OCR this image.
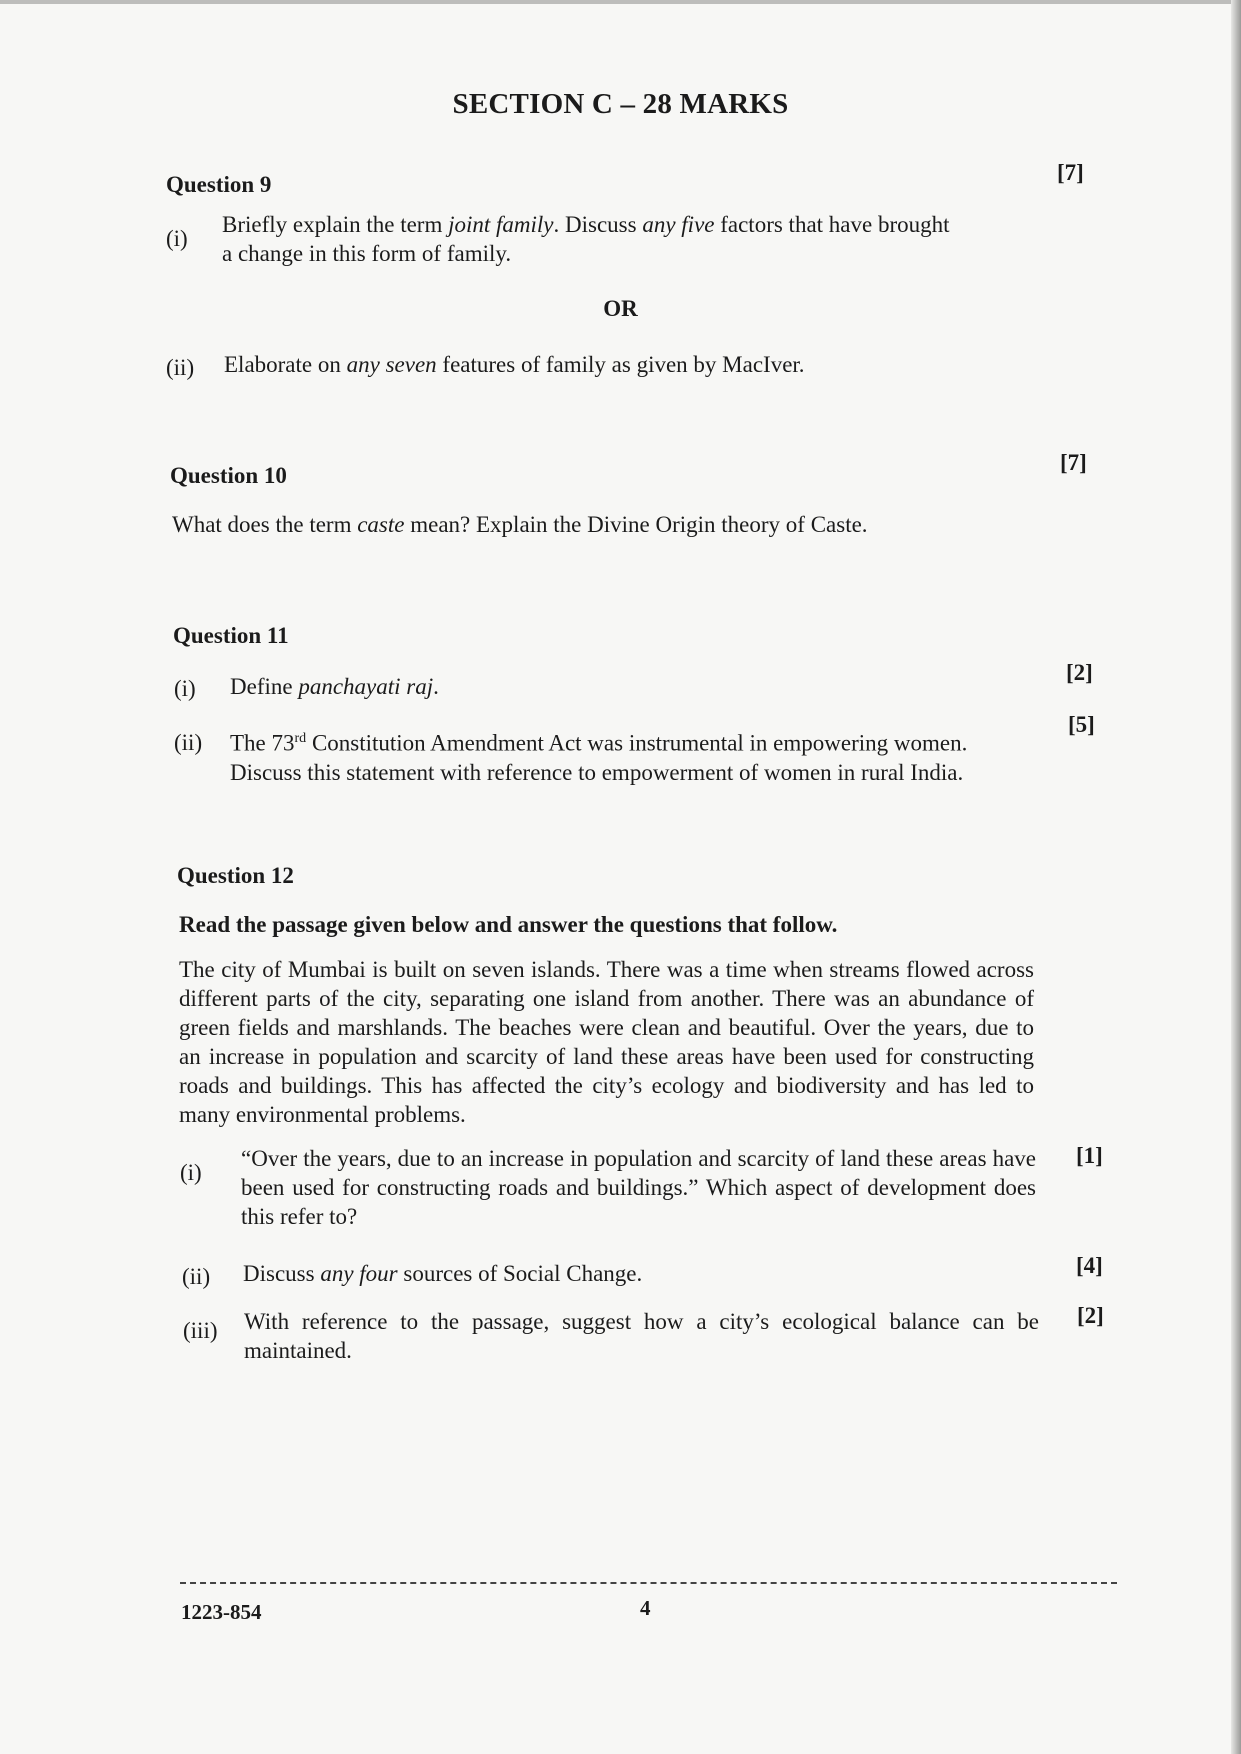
SECTION C – 28 MARKS
Question 9	[7]
(i)
Briefly explain the term joint family. Discuss any five factors that have brought
a change in this form of family.
OR
(ii) Elaborate on any seven features of family as given by MacIver.
Question 10
[7]
What does the term caste mean? Explain the Divine Origin theory of Caste.
Question 11
(i) Define panchayati raj.
[2]
(ii) The 73rd Constitution Amendment Act was instrumental in empowering women.
Discuss this statement with reference to empowerment of women in rural India.
[5]
Question 12
Read the passage given below and answer the questions that follow.
The city of Mumbai is built on seven islands. There was a time when streams flowed across different parts of the city, separating one island from another. There was an abundance of green fields and marshlands. The beaches were clean and beautiful. Over the years, due to an increase in population and scarcity of land these areas have been used for constructing roads and buildings. This has affected the city’s ecology and biodiversity and has led to many environmental problems.
(i)
“Over the years, due to an increase in population and scarcity of land these areas have been used for constructing roads and buildings.” Which aspect of development does this refer to?
[1]
(ii) Discuss any four sources of Social Change.	[4]
(iii) With reference to the passage, suggest how a city’s ecological balance can be maintained.
[2]
1223-854	4
